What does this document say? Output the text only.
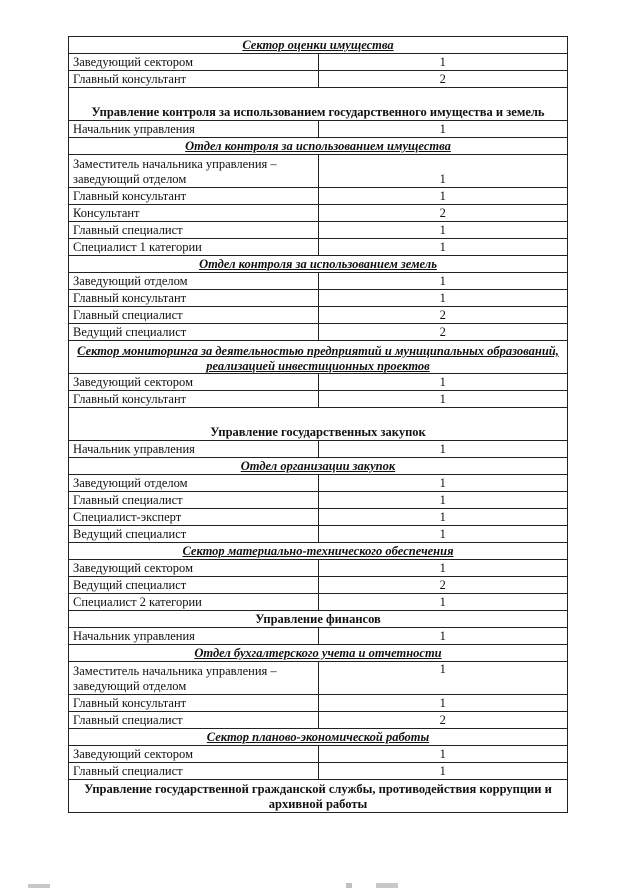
Сектор оценки имущества	
Заведующий сектором	1
Главный консультант	2
Управление контроля за использованием государственного имущества и земель	
Начальник управления	1
Отдел контроля за использованием имущества	
Заместитель начальника управления – заведующий отделом	1
Главный консультант	1
Консультант	2
Главный специалист	1
Специалист 1 категории	1
Отдел контроля за использованием земель	
Заведующий отделом	1
Главный консультант	1
Главный специалист	2
Ведущий специалист	2
Сектор мониторинга за деятельностью предприятий и муниципальных образований, реализацией инвестиционных проектов	
Заведующий сектором	1
Главный консультант	1
Управление государственных закупок	
Начальник управления	1
Отдел организации закупок	
Заведующий отделом	1
Главный специалист	1
Специалист-эксперт	1
Ведущий специалист	1
Сектор материально-технического обеспечения	
Заведующий сектором	1
Ведущий специалист	2
Специалист 2 категории	1
Управление финансов	
Начальник управления	1
Отдел бухгалтерского учета и отчетности	
Заместитель начальника управления – заведующий отделом	1
Главный консультант	1
Главный специалист	2
Сектор планово-экономической работы	
Заведующий сектором	1
Главный специалист	1
Управление государственной гражданской службы, противодействия коррупции и архивной работы	
